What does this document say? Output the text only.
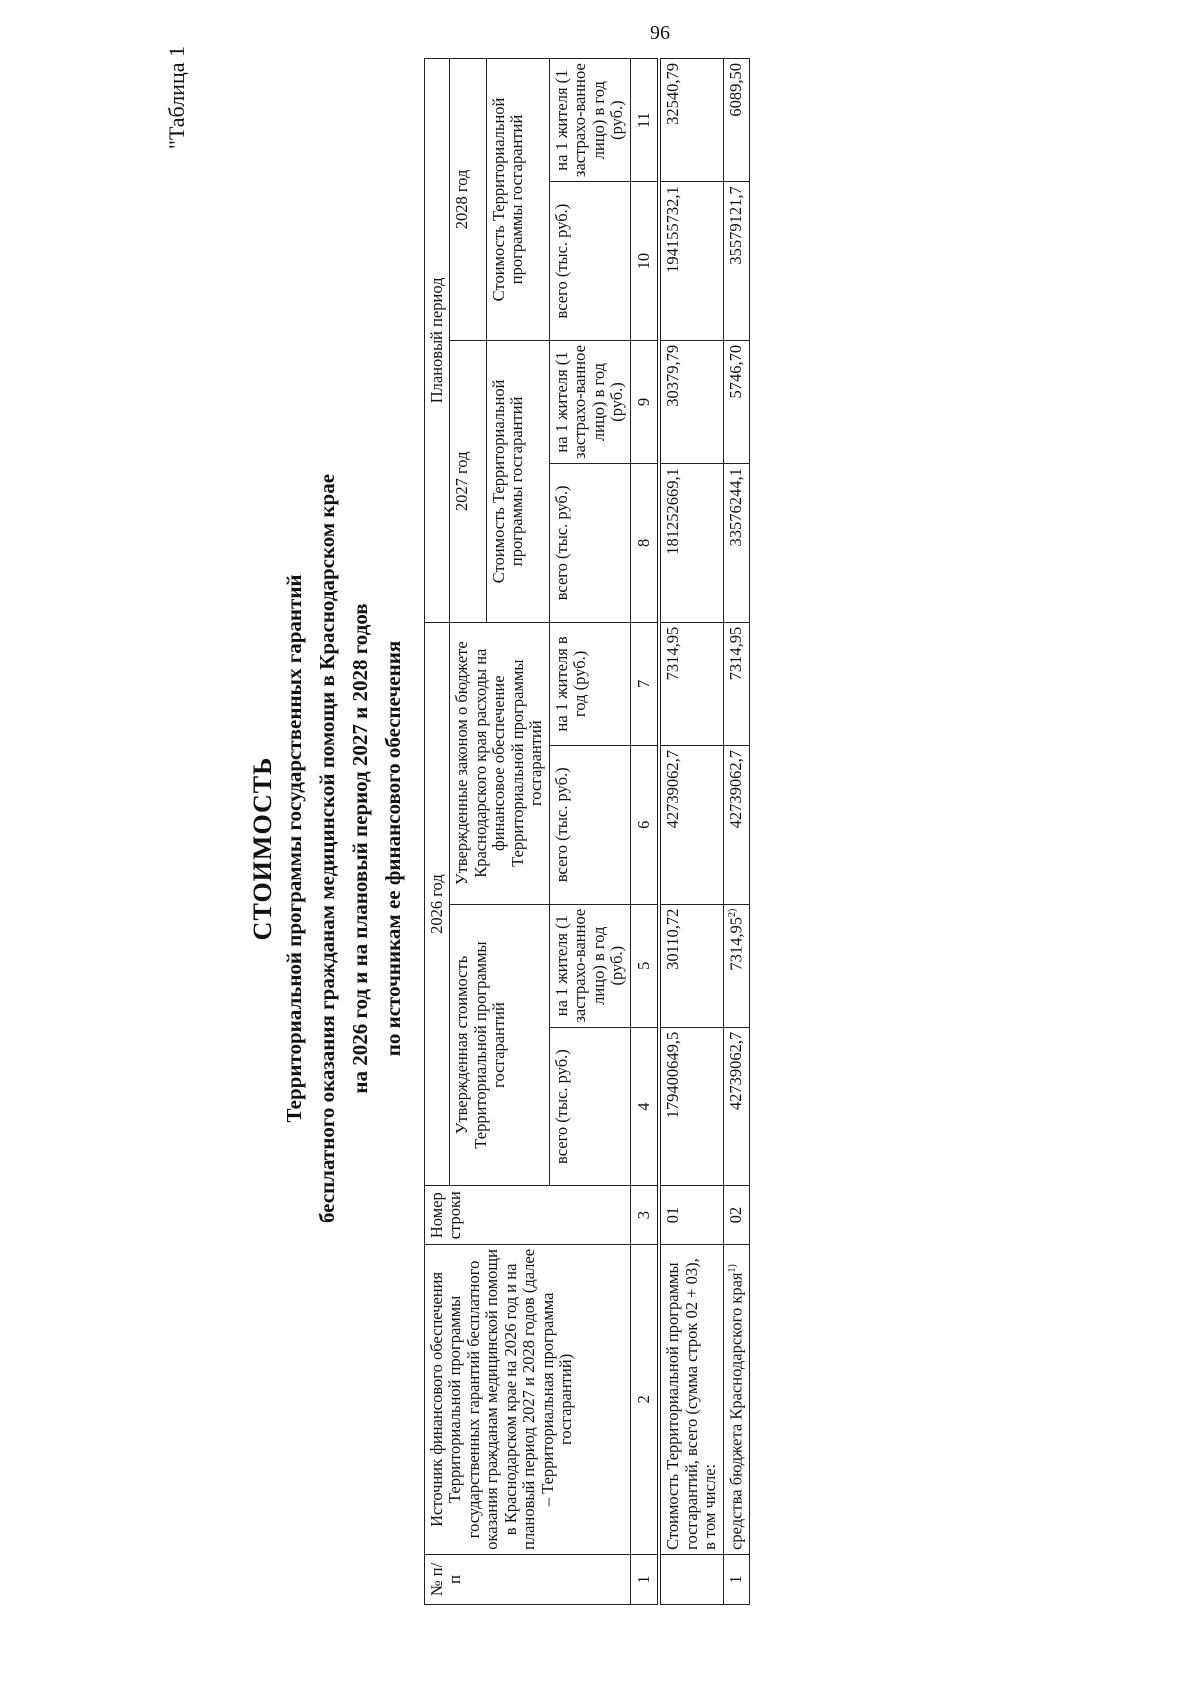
96
"Таблица 1
СТОИМОСТЬ Территориальной программы государственных гарантий бесплатного оказания гражданам медицинской помощи в Краснодарском крае на 2026 год и на плановый период 2027 и 2028 годов по источникам ее финансового обеспечения
№ п/п	Источник финансового обеспечения Территориальной программы государственных гарантий бесплатного оказания гражданам медицинской помощи в Краснодарском крае на 2026 год и на плановый период 2027 и 2028 годов (далее – Территориальная программа госгарантий)	Номер строки	2026 год				Плановый период			
			Утвержденная стоимость Территориальной программы госгарантий		Утвержденные законом о бюджете Краснодарского края расходы на финансовое обеспечение Территориальной программы госгарантий		2027 год		2028 год	
							Стоимость Территориальной программы госгарантий		Стоимость Территориальной программы госгарантий	
			всего (тыс. руб.)	на 1 жителя (1 застрахо-ванное лицо) в год (руб.)	всего (тыс. руб.)	на 1 жителя в год (руб.)	всего (тыс. руб.)	на 1 жителя (1 застрахо-ванное лицо) в год (руб.)	всего (тыс. руб.)	на 1 жителя (1 застрахо-ванное лицо) в год (руб.)
1	2	3	4	5	6	7	8	9	10	11
	Стоимость Территориальной программы госгарантий, всего (сумма строк 02 + 03), в том числе:	01	179400649,5	30110,72	42739062,7	7314,95	181252669,1	30379,79	194155732,1	32540,79
1	средства бюджета Краснодарского края$^{1)}$	02	42739062,7	7314,95$^{2)}$	42739062,7	7314,95	33576244,1	5746,70	35579121,7	6089,50
